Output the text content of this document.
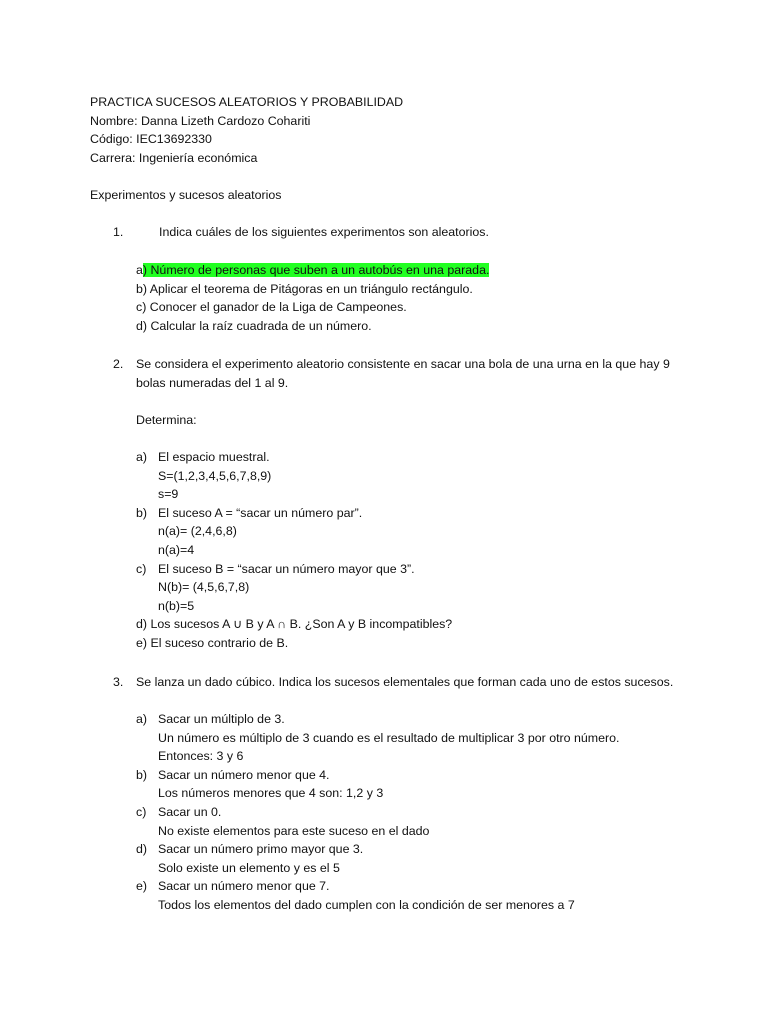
PRACTICA SUCESOS ALEATORIOS Y PROBABILIDAD
Nombre: Danna Lizeth Cardozo Cohariti
Código: IEC13692330
Carrera: Ingeniería económica
Experimentos y sucesos aleatorios
1.	Indica cuáles de los siguientes experimentos son aleatorios.
a) Número de personas que suben a un autobús en una parada.
b) Aplicar el teorema de Pitágoras en un triángulo rectángulo.
c) Conocer el ganador de la Liga de Campeones.
d) Calcular la raíz cuadrada de un número.
2. Se considera el experimento aleatorio consistente en sacar una bola de una urna en la que hay 9
bolas numeradas del 1 al 9.
Determina:
a) El espacio muestral.
S=(1,2,3,4,5,6,7,8,9)
s=9
b) El suceso A = “sacar un número par”.
n(a)= (2,4,6,8)
n(a)=4
c) El suceso B = “sacar un número mayor que 3”.
N(b)= (4,5,6,7,8)
n(b)=5
d) Los sucesos A ∪ B y A ∩ B. ¿Son A y B incompatibles?
e) El suceso contrario de B.
3. Se lanza un dado cúbico. Indica los sucesos elementales que forman cada uno de estos sucesos.
a) Sacar un múltiplo de 3.
Un número es múltiplo de 3 cuando es el resultado de multiplicar 3 por otro número.
Entonces: 3 y 6
b) Sacar un número menor que 4.
Los números menores que 4 son: 1,2 y 3
c) Sacar un 0.
No existe elementos para este suceso en el dado
d) Sacar un número primo mayor que 3.
Solo existe un elemento y es el 5
e) Sacar un número menor que 7.
Todos los elementos del dado cumplen con la condición de ser menores a 7
